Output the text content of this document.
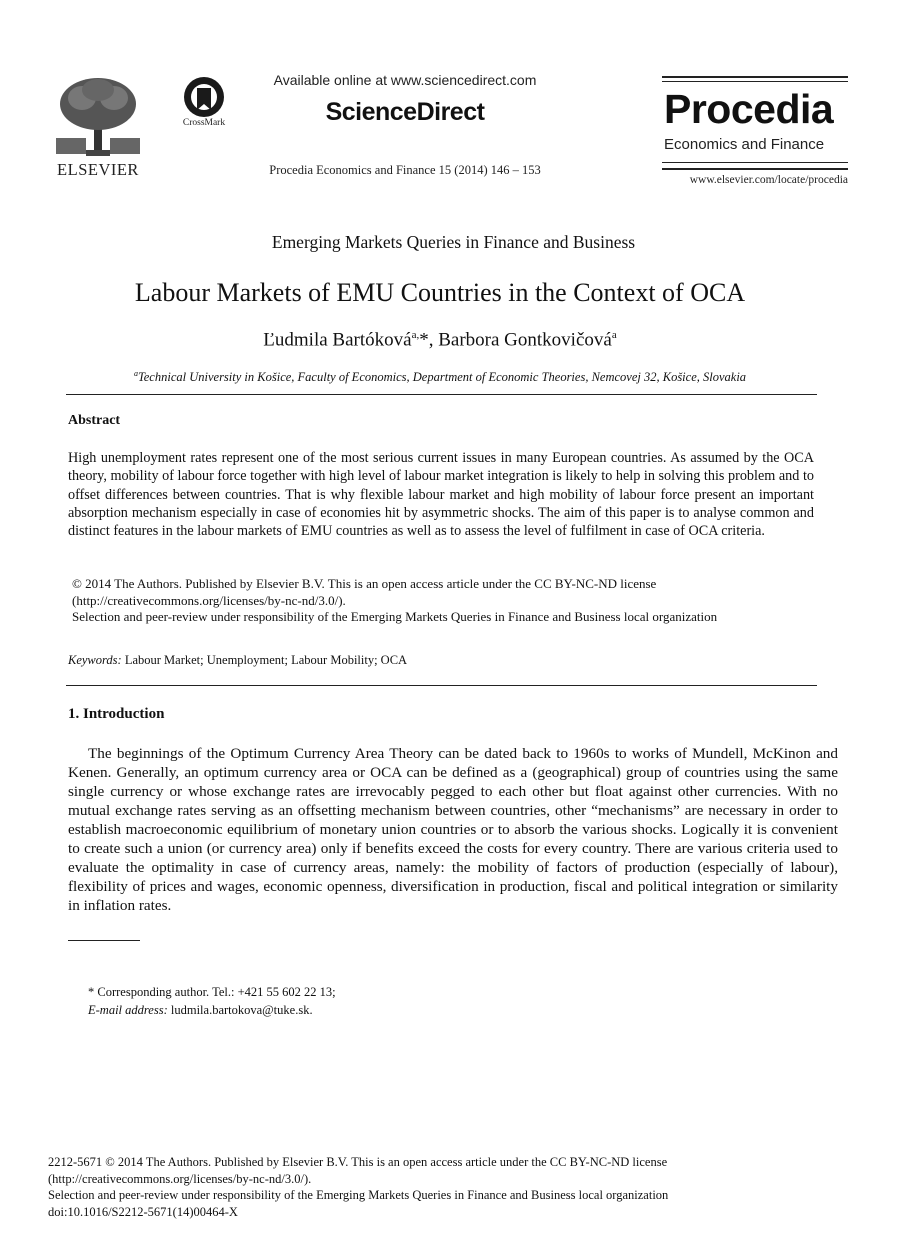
ELSEVIER
CrossMark
Available online at www.sciencedirect.com
ScienceDirect
Procedia Economics and Finance 15 (2014) 146 – 153
Procedia
Economics and Finance
www.elsevier.com/locate/procedia
Emerging Markets Queries in Finance and Business
Labour Markets of EMU Countries in the Context of OCA
Ľudmila Bartóková$^{a,}$*, Barbora Gontkovičová$^a$
$^a$Technical University in Košice, Faculty of Economics, Department of Economic Theories, Nemcovej 32, Košice, Slovakia
Abstract
High unemployment rates represent one of the most serious current issues in many European countries. As assumed by the OCA theory, mobility of labour force together with high level of labour market integration is likely to help in solving this problem and to offset differences between countries. That is why flexible labour market and high mobility of labour force present an important absorption mechanism especially in case of economies hit by asymmetric shocks. The aim of this paper is to analyse common and distinct features in the labour markets of EMU countries as well as to assess the level of fulfilment in case of OCA criteria.
© 2014 The Authors. Published by Elsevier B.V. This is an open access article under the CC BY-NC-ND license
(http://creativecommons.org/licenses/by-nc-nd/3.0/).
Selection and peer-review under responsibility of the Emerging Markets Queries in Finance and Business local organization
Keywords: Labour Market; Unemployment; Labour Mobility; OCA
1. Introduction
The beginnings of the Optimum Currency Area Theory can be dated back to 1960s to works of Mundell, McKinon and Kenen. Generally, an optimum currency area or OCA can be defined as a (geographical) group of countries using the same single currency or whose exchange rates are irrevocably pegged to each other but float against other currencies. With no mutual exchange rates serving as an offsetting mechanism between countries, other “mechanisms” are necessary in order to establish macroeconomic equilibrium of monetary union countries or to absorb the various shocks. Logically it is convenient to create such a union (or currency area) only if benefits exceed the costs for every country. There are various criteria used to evaluate the optimality in case of currency areas, namely: the mobility of factors of production (especially of labour), flexibility of prices and wages, economic openness, diversification in production, fiscal and political integration or similarity in inflation rates.
* Corresponding author. Tel.: +421 55 602 22 13;
E-mail address: ludmila.bartokova@tuke.sk.
2212-5671 © 2014 The Authors. Published by Elsevier B.V. This is an open access article under the CC BY-NC-ND license
(http://creativecommons.org/licenses/by-nc-nd/3.0/).
Selection and peer-review under responsibility of the Emerging Markets Queries in Finance and Business local organization
doi:10.1016/S2212-5671(14)00464-X
